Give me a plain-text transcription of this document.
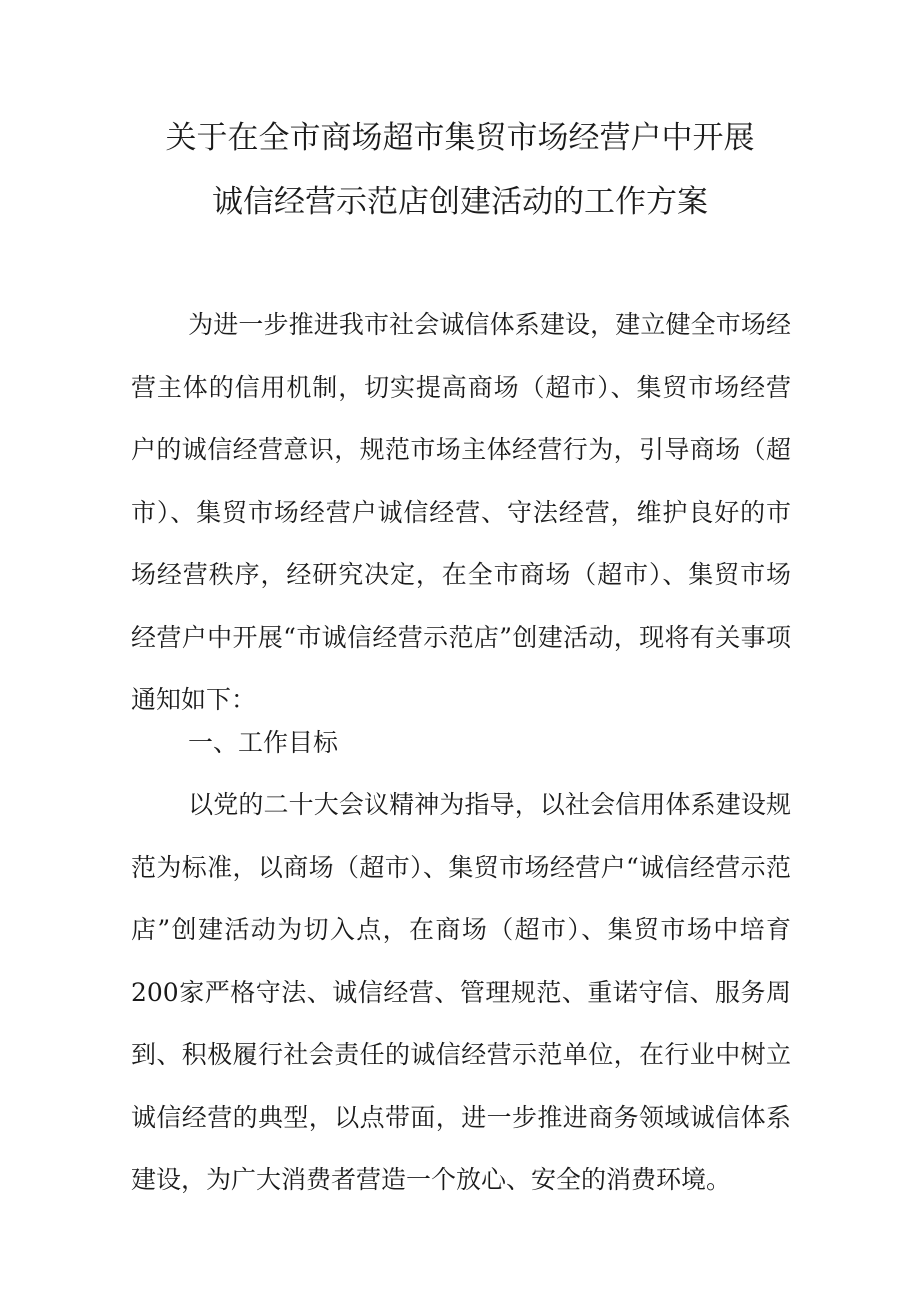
关于在全市商场超市集贸市场经营户中开展
诚信经营示范店创建活动的工作方案

为进一步推进我市社会诚信体系建设，建立健全市场经营主体的信用机制，切实提高商场（超市）、集贸市场经营户的诚信经营意识，规范市场主体经营行为，引导商场（超市）、集贸市场经营户诚信经营、守法经营，维护良好的市场经营秩序，经研究决定，在全市商场（超市）、集贸市场经营户中开展“市诚信经营示范店”创建活动，现将有关事项通知如下：

一、工作目标

以党的二十大会议精神为指导，以社会信用体系建设规范为标准，以商场（超市）、集贸市场经营户“诚信经营示范店”创建活动为切入点，在商场（超市）、集贸市场中培育200家严格守法、诚信经营、管理规范、重诺守信、服务周到、积极履行社会责任的诚信经营示范单位，在行业中树立诚信经营的典型，以点带面，进一步推进商务领域诚信体系建设，为广大消费者营造一个放心、安全的消费环境。
